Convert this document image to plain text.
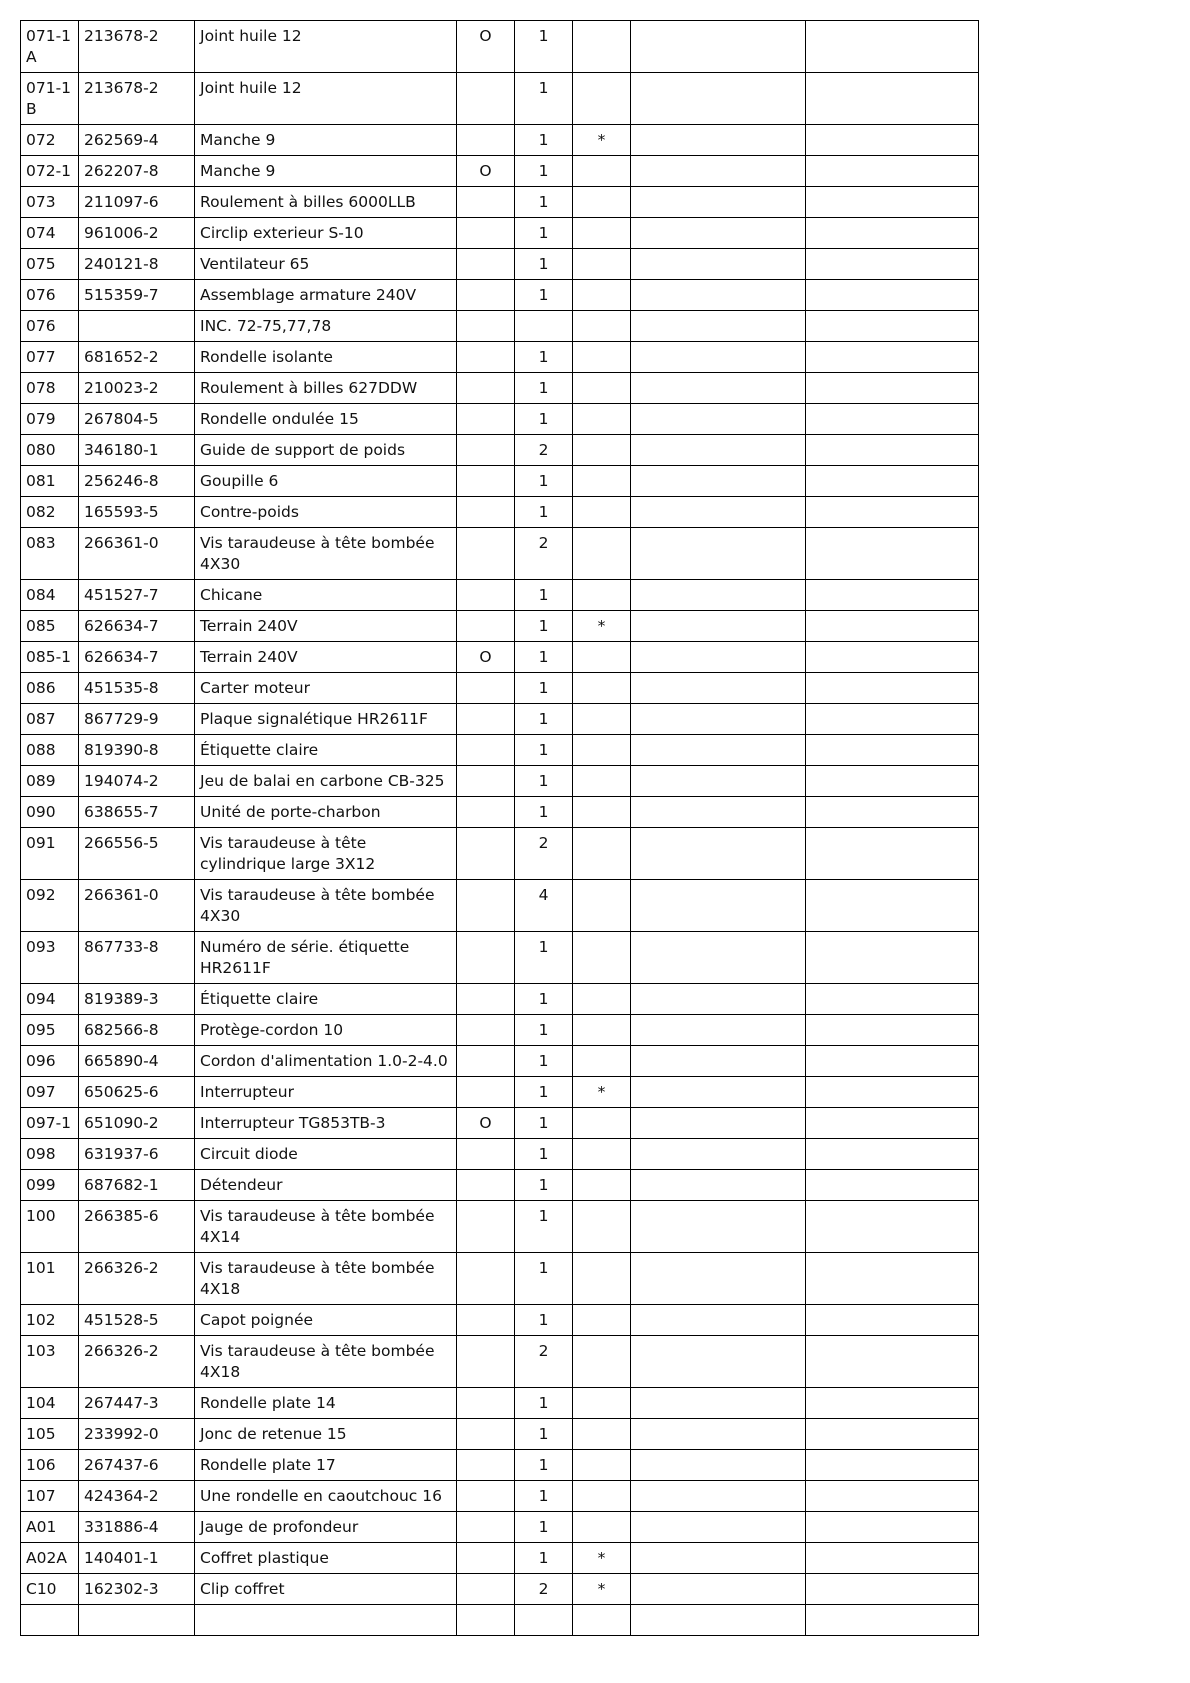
071-1A	213678-2	Joint huile 12	O	1			
071-1B	213678-2	Joint huile 12		1			
072	262569-4	Manche 9		1	*		
072-1	262207-8	Manche 9	O	1			
073	211097-6	Roulement à billes 6000LLB		1			
074	961006-2	Circlip exterieur S-10		1			
075	240121-8	Ventilateur 65		1			
076	515359-7	Assemblage armature 240V		1			
076		INC. 72-75,77,78					
077	681652-2	Rondelle isolante		1			
078	210023-2	Roulement à billes 627DDW		1			
079	267804-5	Rondelle ondulée 15		1			
080	346180-1	Guide de support de poids		2			
081	256246-8	Goupille 6		1			
082	165593-5	Contre-poids		1			
083	266361-0	Vis taraudeuse à tête bombée 4X30		2			
084	451527-7	Chicane		1			
085	626634-7	Terrain 240V		1	*		
085-1	626634-7	Terrain 240V	O	1			
086	451535-8	Carter moteur		1			
087	867729-9	Plaque signalétique HR2611F		1			
088	819390-8	Étiquette claire		1			
089	194074-2	Jeu de balai en carbone CB-325		1			
090	638655-7	Unité de porte-charbon		1			
091	266556-5	Vis taraudeuse à tête cylindrique large 3X12		2			
092	266361-0	Vis taraudeuse à tête bombée 4X30		4			
093	867733-8	Numéro de série. étiquette HR2611F		1			
094	819389-3	Étiquette claire		1			
095	682566-8	Protège-cordon 10		1			
096	665890-4	Cordon d'alimentation 1.0-2-4.0		1			
097	650625-6	Interrupteur		1	*		
097-1	651090-2	Interrupteur TG853TB-3	O	1			
098	631937-6	Circuit diode		1			
099	687682-1	Détendeur		1			
100	266385-6	Vis taraudeuse à tête bombée 4X14		1			
101	266326-2	Vis taraudeuse à tête bombée 4X18		1			
102	451528-5	Capot poignée		1			
103	266326-2	Vis taraudeuse à tête bombée 4X18		2			
104	267447-3	Rondelle plate 14		1			
105	233992-0	Jonc de retenue 15		1			
106	267437-6	Rondelle plate 17		1			
107	424364-2	Une rondelle en caoutchouc 16		1			
A01	331886-4	Jauge de profondeur		1			
A02A	140401-1	Coffret plastique		1	*		
C10	162302-3	Clip coffret		2	*		
